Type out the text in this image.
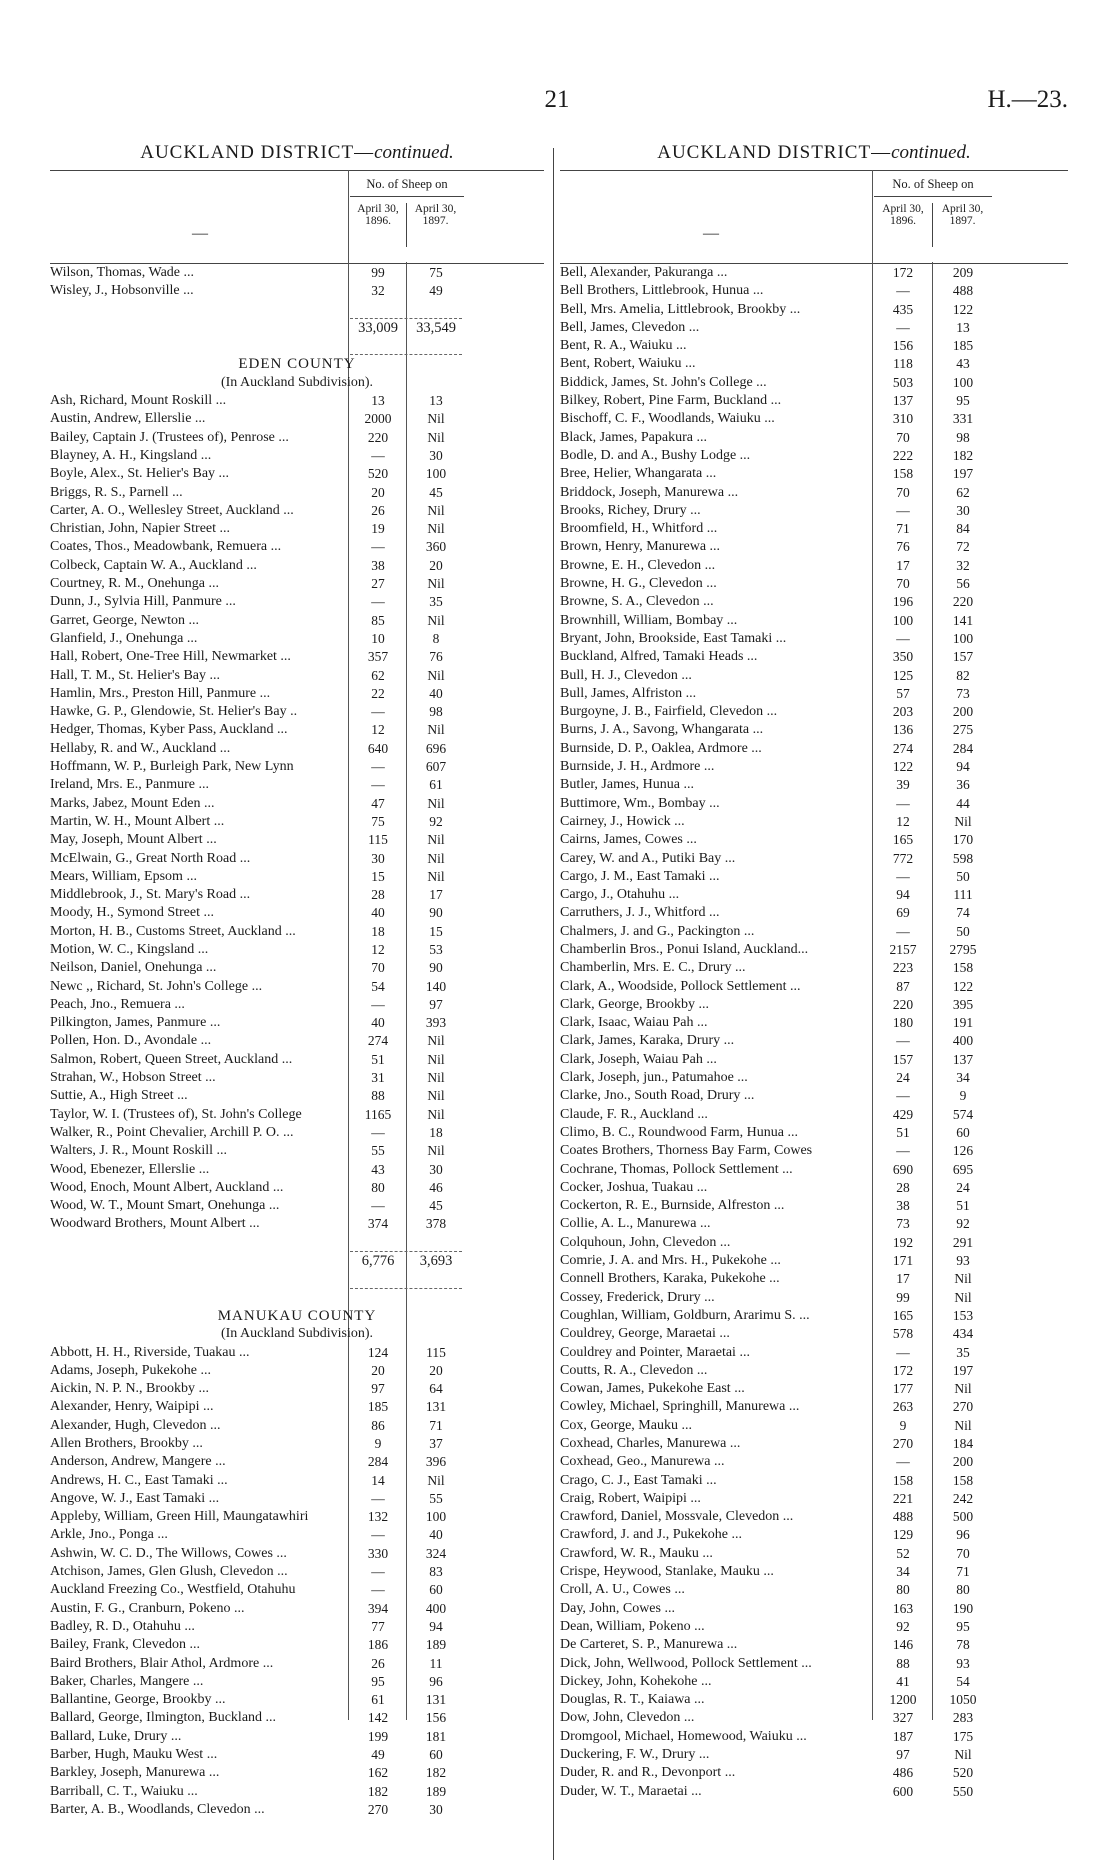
21	H.—23.
AUCKLAND DISTRICT—continued.
—
No. of Sheep on
April 30,
1896.
April 30,
1897.
Wilson, Thomas, Wade ...	99	75
Wisley, J., Hobsonville ...	32	49
33,009	33,549
EDEN COUNTY
(In Auckland Subdivision).
Ash, Richard, Mount Roskill ...	13	13
Austin, Andrew, Ellerslie ...	2000	Nil
Bailey, Captain J. (Trustees of), Penrose ...	220	Nil
Blayney, A. H., Kingsland ...	—	30
Boyle, Alex., St. Helier's Bay ...	520	100
Briggs, R. S., Parnell ...	20	45
Carter, A. O., Wellesley Street, Auckland ...	26	Nil
Christian, John, Napier Street ...	19	Nil
Coates, Thos., Meadowbank, Remuera ...	—	360
Colbeck, Captain W. A., Auckland ...	38	20
Courtney, R. M., Onehunga ...	27	Nil
Dunn, J., Sylvia Hill, Panmure ...	—	35
Garret, George, Newton ...	85	Nil
Glanfield, J., Onehunga ...	10	8
Hall, Robert, One-Tree Hill, Newmarket ...	357	76
Hall, T. M., St. Helier's Bay ...	62	Nil
Hamlin, Mrs., Preston Hill, Panmure ...	22	40
Hawke, G. P., Glendowie, St. Helier's Bay ..	—	98
Hedger, Thomas, Kyber Pass, Auckland ...	12	Nil
Hellaby, R. and W., Auckland ...	640	696
Hoffmann, W. P., Burleigh Park, New Lynn	—	607
Ireland, Mrs. E., Panmure ...	—	61
Marks, Jabez, Mount Eden ...	47	Nil
Martin, W. H., Mount Albert ...	75	92
May, Joseph, Mount Albert ...	115	Nil
McElwain, G., Great North Road ...	30	Nil
Mears, William, Epsom ...	15	Nil
Middlebrook, J., St. Mary's Road ...	28	17
Moody, H., Symond Street ...	40	90
Morton, H. B., Customs Street, Auckland ...	18	15
Motion, W. C., Kingsland ...	12	53
Neilson, Daniel, Onehunga ...	70	90
Newc ,, Richard, St. John's College ...	54	140
Peach, Jno., Remuera ...	—	97
Pilkington, James, Panmure ...	40	393
Pollen, Hon. D., Avondale ...	274	Nil
Salmon, Robert, Queen Street, Auckland ...	51	Nil
Strahan, W., Hobson Street ...	31	Nil
Suttie, A., High Street ...	88	Nil
Taylor, W. I. (Trustees of), St. John's College	1165	Nil
Walker, R., Point Chevalier, Archill P. O. ...	—	18
Walters, J. R., Mount Roskill ...	55	Nil
Wood, Ebenezer, Ellerslie ...	43	30
Wood, Enoch, Mount Albert, Auckland ...	80	46
Wood, W. T., Mount Smart, Onehunga ...	—	45
Woodward Brothers, Mount Albert ...	374	378
6,776	3,693
MANUKAU COUNTY
(In Auckland Subdivision).
Abbott, H. H., Riverside, Tuakau ...	124	115
Adams, Joseph, Pukekohe ...	20	20
Aickin, N. P. N., Brookby ...	97	64
Alexander, Henry, Waipipi ...	185	131
Alexander, Hugh, Clevedon ...	86	71
Allen Brothers, Brookby ...	9	37
Anderson, Andrew, Mangere ...	284	396
Andrews, H. C., East Tamaki ...	14	Nil
Angove, W. J., East Tamaki ...	—	55
Appleby, William, Green Hill, Maungatawhiri	132	100
Arkle, Jno., Ponga ...	—	40
Ashwin, W. C. D., The Willows, Cowes ...	330	324
Atchison, James, Glen Glush, Clevedon ...	—	83
Auckland Freezing Co., Westfield, Otahuhu	—	60
Austin, F. G., Cranburn, Pokeno ...	394	400
Badley, R. D., Otahuhu ...	77	94
Bailey, Frank, Clevedon ...	186	189
Baird Brothers, Blair Athol, Ardmore ...	26	11
Baker, Charles, Mangere ...	95	96
Ballantine, George, Brookby ...	61	131
Ballard, George, Ilmington, Buckland ...	142	156
Ballard, Luke, Drury ...	199	181
Barber, Hugh, Mauku West ...	49	60
Barkley, Joseph, Manurewa ...	162	182
Barriball, C. T., Waiuku ...	182	189
Barter, A. B., Woodlands, Clevedon ...	270	30
AUCKLAND DISTRICT—continued.
—
No. of Sheep on
April 30,
1896.
April 30,
1897.
Bell, Alexander, Pakuranga ...	172	209
Bell Brothers, Littlebrook, Hunua ...	—	488
Bell, Mrs. Amelia, Littlebrook, Brookby ...	435	122
Bell, James, Clevedon ...	—	13
Bent, R. A., Waiuku ...	156	185
Bent, Robert, Waiuku ...	118	43
Biddick, James, St. John's College ...	503	100
Bilkey, Robert, Pine Farm, Buckland ...	137	95
Bischoff, C. F., Woodlands, Waiuku ...	310	331
Black, James, Papakura ...	70	98
Bodle, D. and A., Bushy Lodge ...	222	182
Bree, Helier, Whangarata ...	158	197
Briddock, Joseph, Manurewa ...	70	62
Brooks, Richey, Drury ...	—	30
Broomfield, H., Whitford ...	71	84
Brown, Henry, Manurewa ...	76	72
Browne, E. H., Clevedon ...	17	32
Browne, H. G., Clevedon ...	70	56
Browne, S. A., Clevedon ...	196	220
Brownhill, William, Bombay ...	100	141
Bryant, John, Brookside, East Tamaki ...	—	100
Buckland, Alfred, Tamaki Heads ...	350	157
Bull, H. J., Clevedon ...	125	82
Bull, James, Alfriston ...	57	73
Burgoyne, J. B., Fairfield, Clevedon ...	203	200
Burns, J. A., Savong, Whangarata ...	136	275
Burnside, D. P., Oaklea, Ardmore ...	274	284
Burnside, J. H., Ardmore ...	122	94
Butler, James, Hunua ...	39	36
Buttimore, Wm., Bombay ...	—	44
Cairney, J., Howick ...	12	Nil
Cairns, James, Cowes ...	165	170
Carey, W. and A., Putiki Bay ...	772	598
Cargo, J. M., East Tamaki ...	—	50
Cargo, J., Otahuhu ...	94	111
Carruthers, J. J., Whitford ...	69	74
Chalmers, J. and G., Packington ...	—	50
Chamberlin Bros., Ponui Island, Auckland...	2157	2795
Chamberlin, Mrs. E. C., Drury ...	223	158
Clark, A., Woodside, Pollock Settlement ...	87	122
Clark, George, Brookby ...	220	395
Clark, Isaac, Waiau Pah ...	180	191
Clark, James, Karaka, Drury ...	—	400
Clark, Joseph, Waiau Pah ...	157	137
Clark, Joseph, jun., Patumahoe ...	24	34
Clarke, Jno., South Road, Drury ...	—	9
Claude, F. R., Auckland ...	429	574
Climo, B. C., Roundwood Farm, Hunua ...	51	60
Coates Brothers, Thorness Bay Farm, Cowes	—	126
Cochrane, Thomas, Pollock Settlement ...	690	695
Cocker, Joshua, Tuakau ...	28	24
Cockerton, R. E., Burnside, Alfreston ...	38	51
Collie, A. L., Manurewa ...	73	92
Colquhoun, John, Clevedon ...	192	291
Comrie, J. A. and Mrs. H., Pukekohe ...	171	93
Connell Brothers, Karaka, Pukekohe ...	17	Nil
Cossey, Frederick, Drury ...	99	Nil
Coughlan, William, Goldburn, Ararimu S. ...	165	153
Couldrey, George, Maraetai ...	578	434
Couldrey and Pointer, Maraetai ...	—	35
Coutts, R. A., Clevedon ...	172	197
Cowan, James, Pukekohe East ...	177	Nil
Cowley, Michael, Springhill, Manurewa ...	263	270
Cox, George, Mauku ...	9	Nil
Coxhead, Charles, Manurewa ...	270	184
Coxhead, Geo., Manurewa ...	—	200
Crago, C. J., East Tamaki ...	158	158
Craig, Robert, Waipipi ...	221	242
Crawford, Daniel, Mossvale, Clevedon ...	488	500
Crawford, J. and J., Pukekohe ...	129	96
Crawford, W. R., Mauku ...	52	70
Crispe, Heywood, Stanlake, Mauku ...	34	71
Croll, A. U., Cowes ...	80	80
Day, John, Cowes ...	163	190
Dean, William, Pokeno ...	92	95
De Carteret, S. P., Manurewa ...	146	78
Dick, John, Wellwood, Pollock Settlement ...	88	93
Dickey, John, Kohekohe ...	41	54
Douglas, R. T., Kaiawa ...	1200	1050
Dow, John, Clevedon ...	327	283
Dromgool, Michael, Homewood, Waiuku ...	187	175
Duckering, F. W., Drury ...	97	Nil
Duder, R. and R., Devonport ...	486	520
Duder, W. T., Maraetai ...	600	550
